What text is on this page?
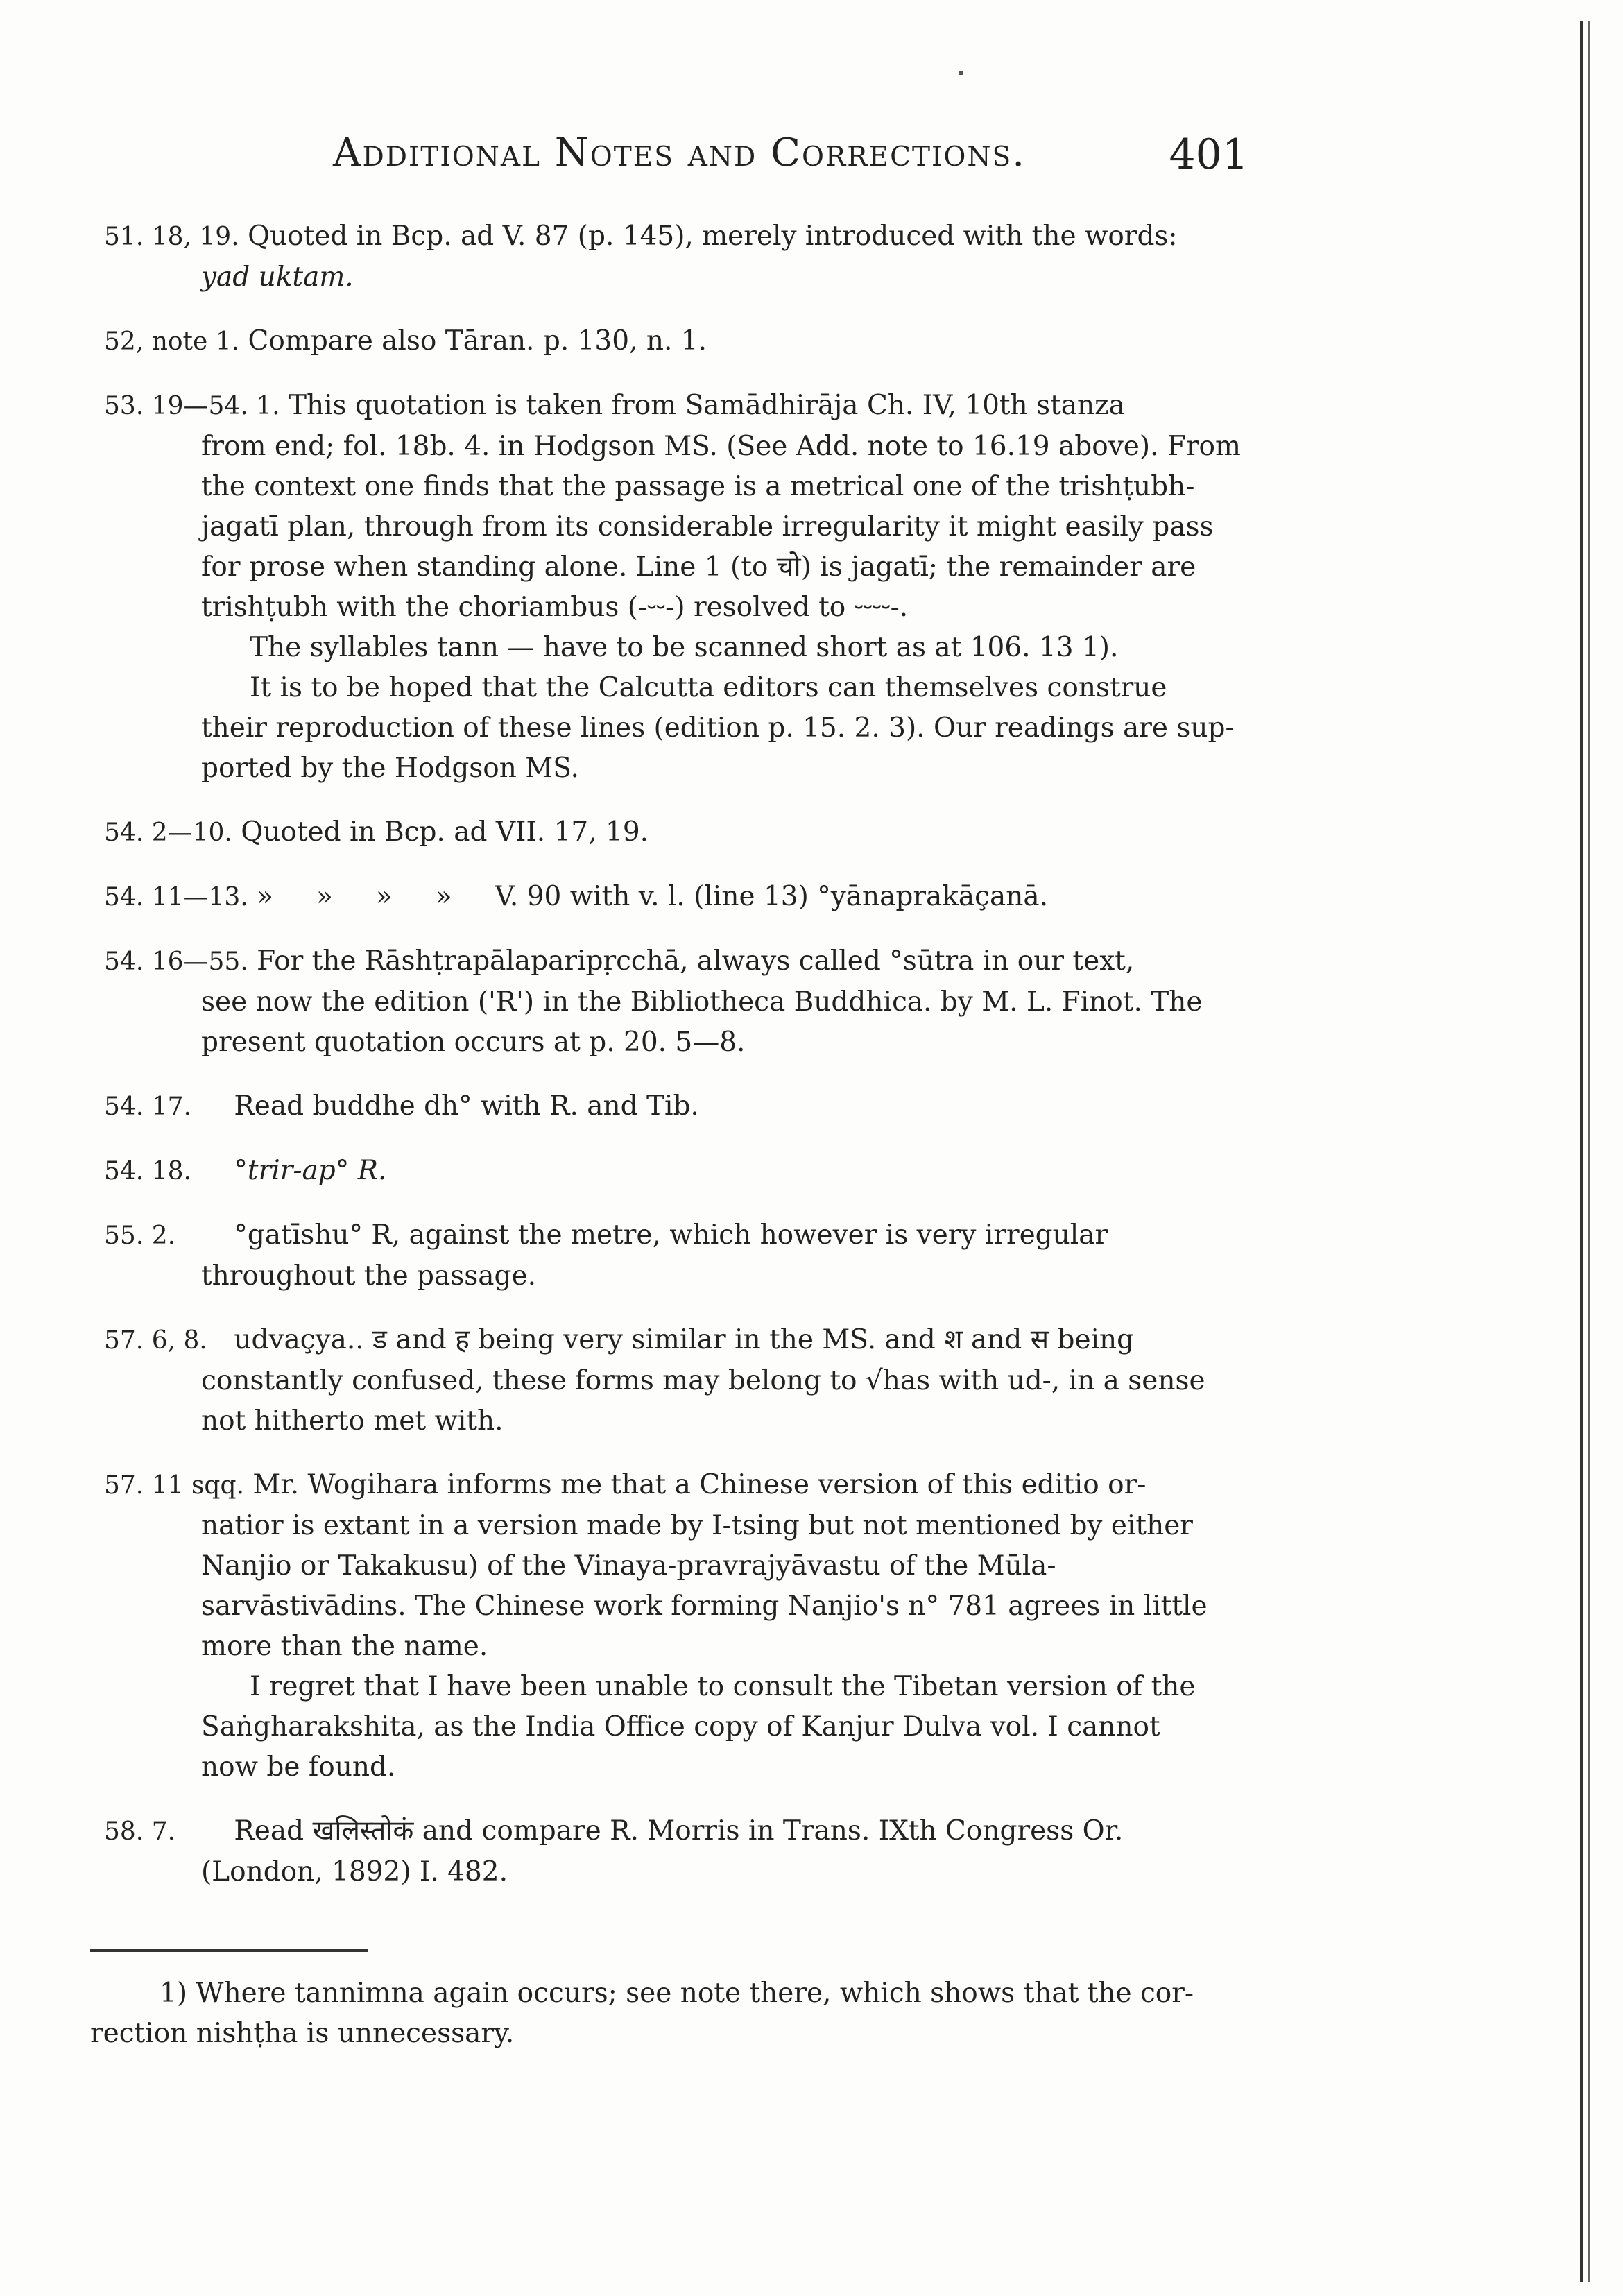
Additional Notes and Corrections.	401
51. 18, 19. Quoted in Bcp. ad V. 87 (p. 145), merely introduced with the words:
yad uktam.
52, note 1. Compare also Tāran. p. 130, n. 1.
53. 19—54. 1. This quotation is taken from Samādhirāja Ch. IV, 10th stanza
from end; fol. 18b. 4. in Hodgson MS. (See Add. note to 16.19 above). From
the context one finds that the passage is a metrical one of the trishṭubh-
jagatī plan, through from its considerable irregularity it might easily pass
for prose when standing alone. Line 1 (to चो) is jagatī; the remainder are
trishṭubh with the choriambus (-⏑⏑-) resolved to ⏑⏑⏑⏑-.
The syllables tann — have to be scanned short as at 106. 13 1).
It is to be hoped that the Calcutta editors can themselves construe
their reproduction of these lines (edition p. 15. 2. 3). Our readings are sup-
ported by the Hodgson MS.
54. 2—10. Quoted in Bcp. ad VII. 17, 19.
54. 11—13. »     »     »     »     V. 90 with v. l. (line 13) °yānaprakāçanā.
54. 16—55. For the Rāshṭrapālaparipṛcchā, always called °sūtra in our text,
see now the edition ('R') in the Bibliotheca Buddhica. by M. L. Finot. The
present quotation occurs at p. 20. 5—8.
54. 17. Read buddhe dh° with R. and Tib.
54. 18. °trir-ap° R.
55. 2. °gatīshu° R, against the metre, which however is very irregular
throughout the passage.
57. 6, 8. udvaçya.. ड and ह being very similar in the MS. and श and स being
constantly confused, these forms may belong to √has with ud-, in a sense
not hitherto met with.
57. 11 sqq. Mr. Wogihara informs me that a Chinese version of this editio or-
natior is extant in a version made by I-tsing but not mentioned by either
Nanjio or Takakusu) of the Vinaya-pravrajyāvastu of the Mūla-
sarvāstivādins. The Chinese work forming Nanjio's n° 781 agrees in little
more than the name.
I regret that I have been unable to consult the Tibetan version of the
Saṅgharakshita, as the India Office copy of Kanjur Dulva vol. I cannot
now be found.
58. 7. Read खलिस्तोकं and compare R. Morris in Trans. IXth Congress Or.
(London, 1892) I. 482.
1) Where tannimna again occurs; see note there, which shows that the cor-
rection nishṭha is unnecessary.
